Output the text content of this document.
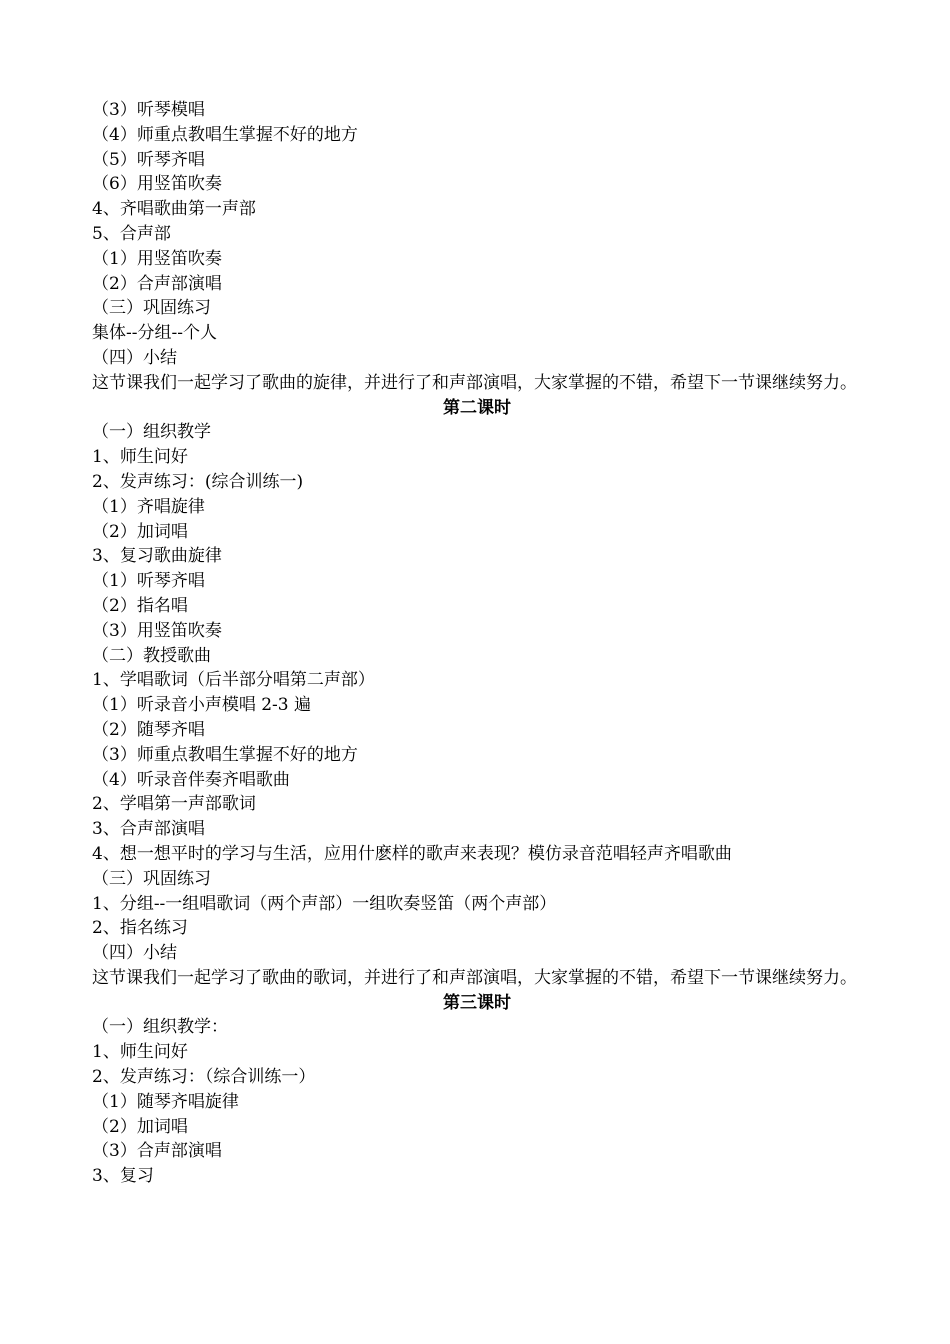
（3）听琴模唱
（4）师重点教唱生掌握不好的地方
（5）听琴齐唱
（6）用竖笛吹奏
4、齐唱歌曲第一声部
5、合声部
（1）用竖笛吹奏
（2）合声部演唱
（三）巩固练习
集体--分组--个人
（四）小结
这节课我们一起学习了歌曲的旋律，并进行了和声部演唱，大家掌握的不错，希望下一节课继续努力。
第二课时
（一）组织教学
1、师生问好
2、发声练习：(综合训练一)
（1）齐唱旋律
（2）加词唱
3、复习歌曲旋律
（1）听琴齐唱
（2）指名唱
（3）用竖笛吹奏
（二）教授歌曲
1、学唱歌词（后半部分唱第二声部）
（1）听录音小声模唱 2-3 遍
（2）随琴齐唱
（3）师重点教唱生掌握不好的地方
（4）听录音伴奏齐唱歌曲
2、学唱第一声部歌词
3、合声部演唱
4、想一想平时的学习与生活，应用什麽样的歌声来表现？模仿录音范唱轻声齐唱歌曲
（三）巩固练习
1、分组--一组唱歌词（两个声部）一组吹奏竖笛（两个声部）
2、指名练习
（四）小结
这节课我们一起学习了歌曲的歌词，并进行了和声部演唱，大家掌握的不错，希望下一节课继续努力。
第三课时
（一）组织教学：
1、师生问好
2、发声练习：（综合训练一）
（1）随琴齐唱旋律
（2）加词唱
（3）合声部演唱
3、复习
